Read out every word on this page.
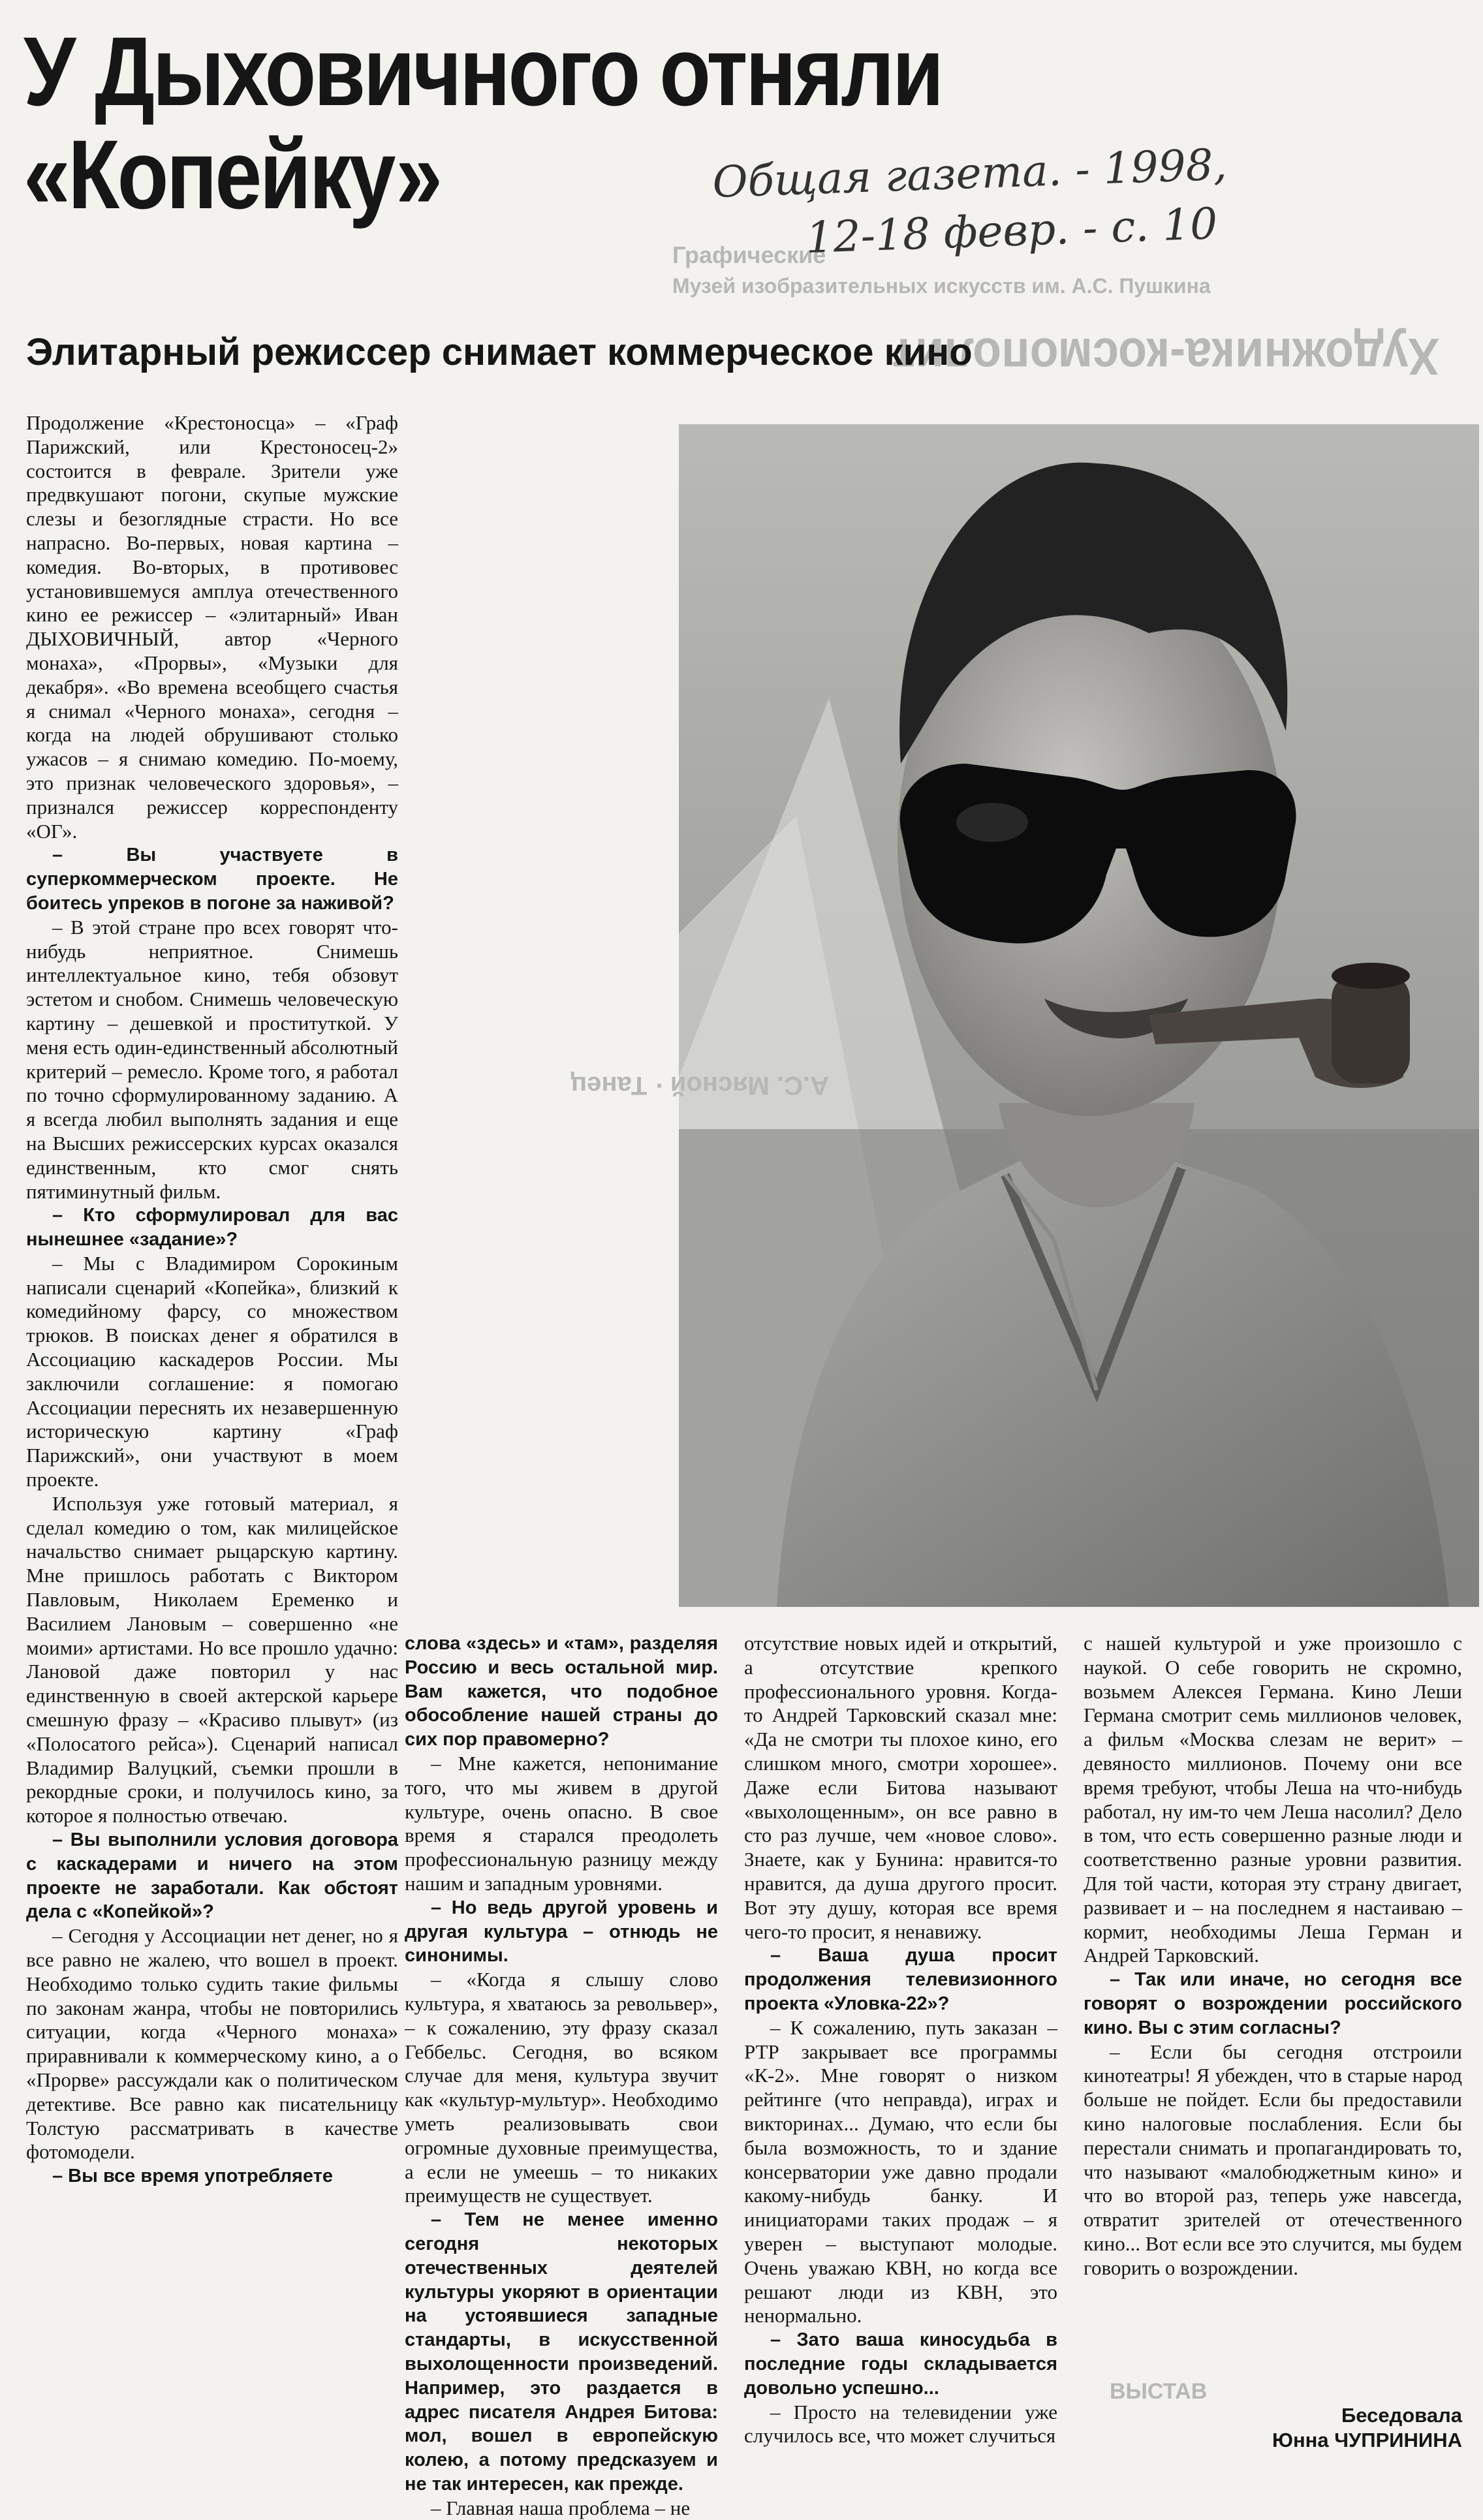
Художника-космополит
Графические
Музей изобразительных искусств им. А.С. Пушкина
ВЫСТАВ
У Дыховичного отняли
«Копейку»	Общая газета. - 1998,
12-18 февр. - с. 10
Элитарный режиссер снимает коммерческое кино
А.С. Мясной · Танец

Продолжение «Крестоносца» – «Граф Парижский, или Крестоносец-2» состоится в феврале. Зрители уже предвкушают погони, скупые мужские слезы и безоглядные страсти. Но все напрасно. Во-первых, новая картина – комедия. Во-вторых, в противовес установившемуся амплуа отечественного кино ее режиссер – «элитарный» Иван ДЫХОВИЧНЫЙ, автор «Черного монаха», «Прорвы», «Музыки для декабря». «Во времена всеобщего счастья я снимал «Черного монаха», сегодня – когда на людей обрушивают столько ужасов – я снимаю комедию. По-моему, это признак человеческого здоровья», – признался режиссер корреспонденту «ОГ».

– Вы участвуете в суперкоммерческом проекте. Не боитесь упреков в погоне за наживой?

– В этой стране про всех говорят что-нибудь неприятное. Снимешь интеллектуальное кино, тебя обзовут эстетом и снобом. Снимешь человеческую картину – дешевкой и проституткой. У меня есть один-единственный абсолютный критерий – ремесло. Кроме того, я работал по точно сформулированному заданию. А я всегда любил выполнять задания и еще на Высших режиссерских курсах оказался единственным, кто смог снять пятиминутный фильм.

– Кто сформулировал для вас нынешнее «задание»?

– Мы с Владимиром Сорокиным написали сценарий «Копейка», близкий к комедийному фарсу, со множеством трюков. В поисках денег я обратился в Ассоциацию каскадеров России. Мы заключили соглашение: я помогаю Ассоциации переснять их незавершенную историческую картину «Граф Парижский», они участвуют в моем проекте.

Используя уже готовый материал, я сделал комедию о том, как милицейское начальство снимает рыцарскую картину. Мне пришлось работать с Виктором Павловым, Николаем Еременко и Василием Лановым – совершенно «не моими» артистами. Но все прошло удачно: Лановой даже повторил у нас единственную в своей актерской карьере смешную фразу – «Красиво плывут» (из «Полосатого рейса»). Сценарий написал Владимир Валуцкий, съемки прошли в рекордные сроки, и получилось кино, за которое я полностью отвечаю.

– Вы выполнили условия договора с каскадерами и ничего на этом проекте не заработали. Как обстоят дела с «Копейкой»?

– Сегодня у Ассоциации нет денег, но я все равно не жалею, что вошел в проект. Необходимо только судить такие фильмы по законам жанра, чтобы не повторились ситуации, когда «Черного монаха» приравнивали к коммерческому кино, а о «Прорве» рассуждали как о политическом детективе. Все равно как писательницу Толстую рассматривать в качестве фотомодели.

– Вы все время употребляете

слова «здесь» и «там», разделяя Россию и весь остальной мир. Вам кажется, что подобное обособление нашей страны до сих пор правомерно?

– Мне кажется, непонимание того, что мы живем в другой культуре, очень опасно. В свое время я старался преодолеть профессиональную разницу между нашим и западным уровнями.

– Но ведь другой уровень и другая культура – отнюдь не синонимы.

– «Когда я слышу слово культура, я хватаюсь за револьвер», – к сожалению, эту фразу сказал Геббельс. Сегодня, во всяком случае для меня, культура звучит как «культур-мультур». Необходимо уметь реализовывать свои огромные духовные преимущества, а если не умеешь – то никаких преимуществ не существует.

– Тем не менее именно сегодня некоторых отечественных деятелей культуры укоряют в ориентации на устоявшиеся западные стандарты, в искусственной выхолощенности произведений. Например, это раздается в адрес писателя Андрея Битова: мол, вошел в европейскую колею, а потому предсказуем и не так интересен, как прежде.

– Главная наша проблема – не

отсутствие новых идей и открытий, а отсутствие крепкого профессионального уровня. Когда-то Андрей Тарковский сказал мне: «Да не смотри ты плохое кино, его слишком много, смотри хорошее». Даже если Битова называют «выхолощенным», он все равно в сто раз лучше, чем «новое слово». Знаете, как у Бунина: нравится-то нравится, да душа другого просит. Вот эту душу, которая все время чего-то просит, я ненавижу.

– Ваша душа просит продолжения телевизионного проекта «Уловка-22»?

– К сожалению, путь заказан – РТР закрывает все программы «К-2». Мне говорят о низком рейтинге (что неправда), играх и викторинах... Думаю, что если бы была возможность, то и здание консерватории уже давно продали какому-нибудь банку. И инициаторами таких продаж – я уверен – выступают молодые. Очень уважаю КВН, но когда все решают люди из КВН, это ненормально.

– Зато ваша киносудьба в последние годы складывается довольно успешно...

– Просто на телевидении уже случилось все, что может случиться

с нашей культурой и уже произошло с наукой. О себе говорить не скромно, возьмем Алексея Германа. Кино Леши Германа смотрит семь миллионов человек, а фильм «Москва слезам не верит» – девяносто миллионов. Почему они все время требуют, чтобы Леша на что-нибудь работал, ну им-то чем Леша насолил? Дело в том, что есть совершенно разные люди и соответственно разные уровни развития. Для той части, которая эту страну двигает, развивает и – на последнем я настаиваю – кормит, необходимы Леша Герман и Андрей Тарковский.

– Так или иначе, но сегодня все говорят о возрождении российского кино. Вы с этим согласны?

– Если бы сегодня отстроили кинотеатры! Я убежден, что в старые народ больше не пойдет. Если бы предоставили кино налоговые послабления. Если бы перестали снимать и пропагандировать то, что называют «малобюджетным кино» и что во второй раз, теперь уже навсегда, отвратит зрителей от отечественного кино... Вот если все это случится, мы будем говорить о возрождении.

Беседовала
Юнна ЧУПРИНИНА
